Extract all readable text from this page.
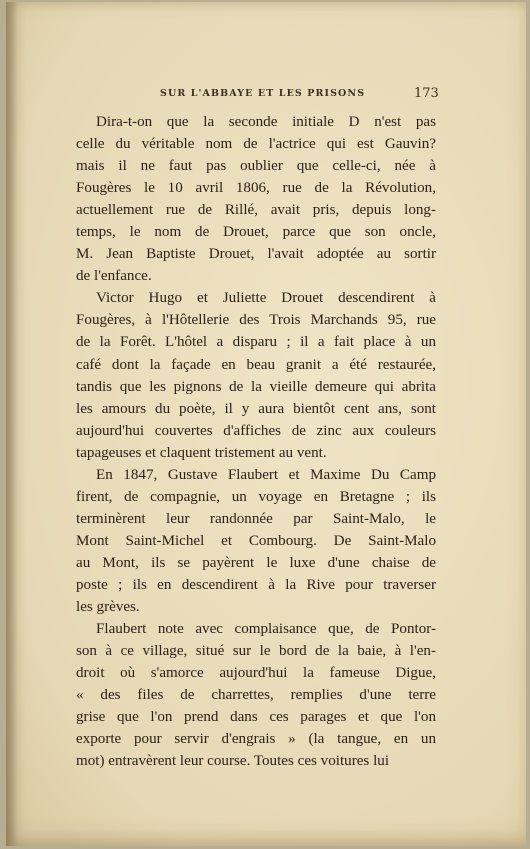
SUR L'ABBAYE ET LES PRISONS	173

Dira-t-on que la seconde initiale D n'est pas
celle du véritable nom de l'actrice qui est Gauvin?
mais il ne faut pas oublier que celle-ci, née à
Fougères le 10 avril 1806, rue de la Révolution,
actuellement rue de Rillé, avait pris, depuis long-
temps, le nom de Drouet, parce que son oncle,
M. Jean Baptiste Drouet, l'avait adoptée au sortir
de l'enfance.

Victor Hugo et Juliette Drouet descendirent à
Fougères, à l'Hôtellerie des Trois Marchands 95, rue
de la Forêt. L'hôtel a disparu ; il a fait place à un
café dont la façade en beau granit a été restaurée,
tandis que les pignons de la vieille demeure qui abrita
les amours du poète, il y aura bientôt cent ans, sont
aujourd'hui couvertes d'affiches de zinc aux couleurs
tapageuses et claquent tristement au vent.

En 1847, Gustave Flaubert et Maxime Du Camp
firent, de compagnie, un voyage en Bretagne ; ils
terminèrent leur randonnée par Saint-Malo, le
Mont Saint-Michel et Combourg. De Saint-Malo
au Mont, ils se payèrent le luxe d'une chaise de
poste ; ils en descendirent à la Rive pour traverser
les grèves.

Flaubert note avec complaisance que, de Pontor-
son à ce village, situé sur le bord de la baie, à l'en-
droit où s'amorce aujourd'hui la fameuse Digue,
« des files de charrettes, remplies d'une terre
grise que l'on prend dans ces parages et que l'on
exporte pour servir d'engrais » (la tangue, en un
mot) entravèrent leur course. Toutes ces voitures lui
